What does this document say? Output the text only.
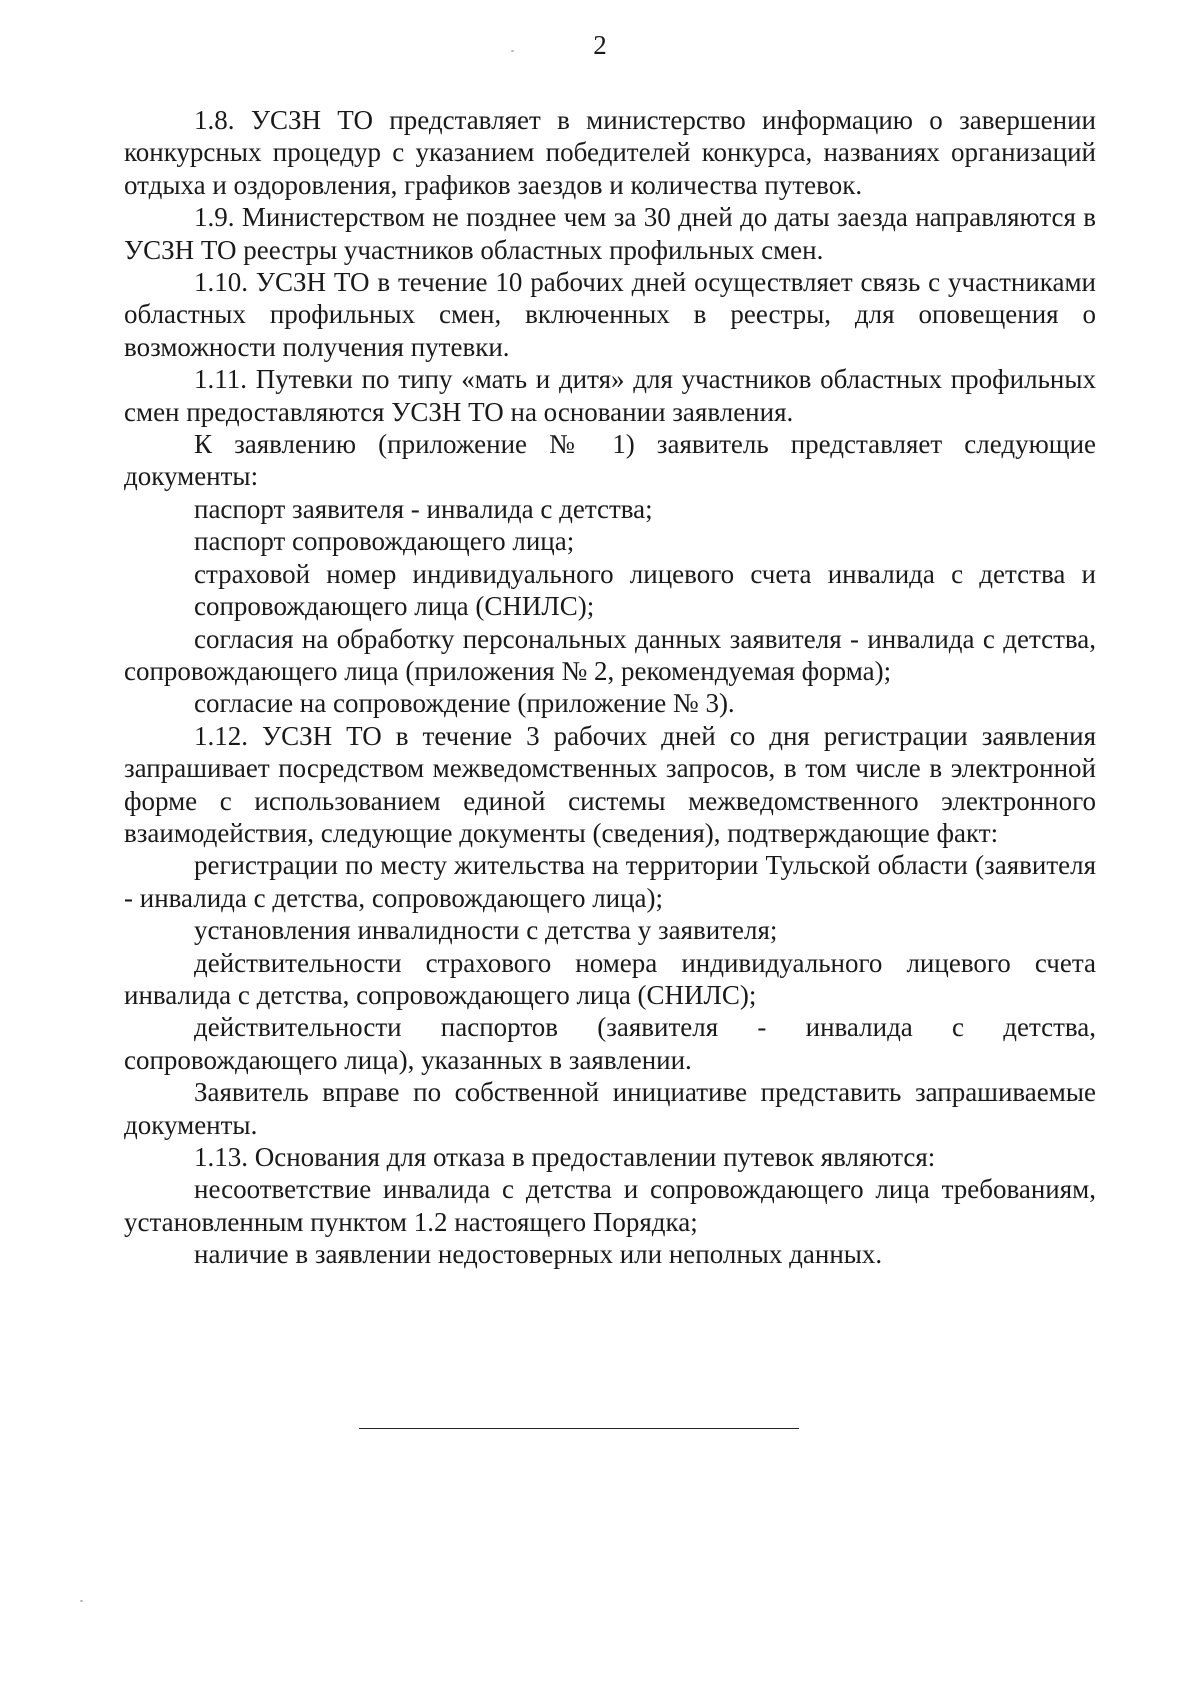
2

1.8. УСЗН ТО представляет в министерство информацию о завершении конкурсных процедур с указанием победителей конкурса, названиях организаций отдыха и оздоровления, графиков заездов и количества путевок.

1.9. Министерством не позднее чем за 30 дней до даты заезда направляются в УСЗН ТО реестры участников областных профильных смен.

1.10. УСЗН ТО в течение 10 рабочих дней осуществляет связь с участниками областных профильных смен, включенных в реестры, для оповещения о возможности получения путевки.

1.11. Путевки по типу «мать и дитя» для участников областных профильных смен предоставляются УСЗН ТО на основании заявления.

К заявлению (приложение № 1) заявитель представляет следующие документы:

паспорт заявителя - инвалида с детства;

паспорт сопровождающего лица;

страховой номер индивидуального лицевого счета инвалида с детства и сопровождающего лица (СНИЛС);

согласия на обработку персональных данных заявителя - инвалида с детства, сопровождающего лица (приложения № 2, рекомендуемая форма);

согласие на сопровождение (приложение № 3).

1.12. УСЗН ТО в течение 3 рабочих дней со дня регистрации заявления запрашивает посредством межведомственных запросов, в том числе в электронной форме с использованием единой системы межведомственного электронного взаимодействия, следующие документы (сведения), подтверждающие факт:

регистрации по месту жительства на территории Тульской области (заявителя - инвалида с детства, сопровождающего лица);

установления инвалидности с детства у заявителя;

действительности страхового номера индивидуального лицевого счета инвалида с детства, сопровождающего лица (СНИЛС);

действительности паспортов (заявителя - инвалида с детства, сопровождающего лица), указанных в заявлении.

Заявитель вправе по собственной инициативе представить запрашиваемые документы.

1.13. Основания для отказа в предоставлении путевок являются:

несоответствие инвалида с детства и сопровождающего лица требованиям, установленным пунктом 1.2 настоящего Порядка;

наличие в заявлении недостоверных или неполных данных.
